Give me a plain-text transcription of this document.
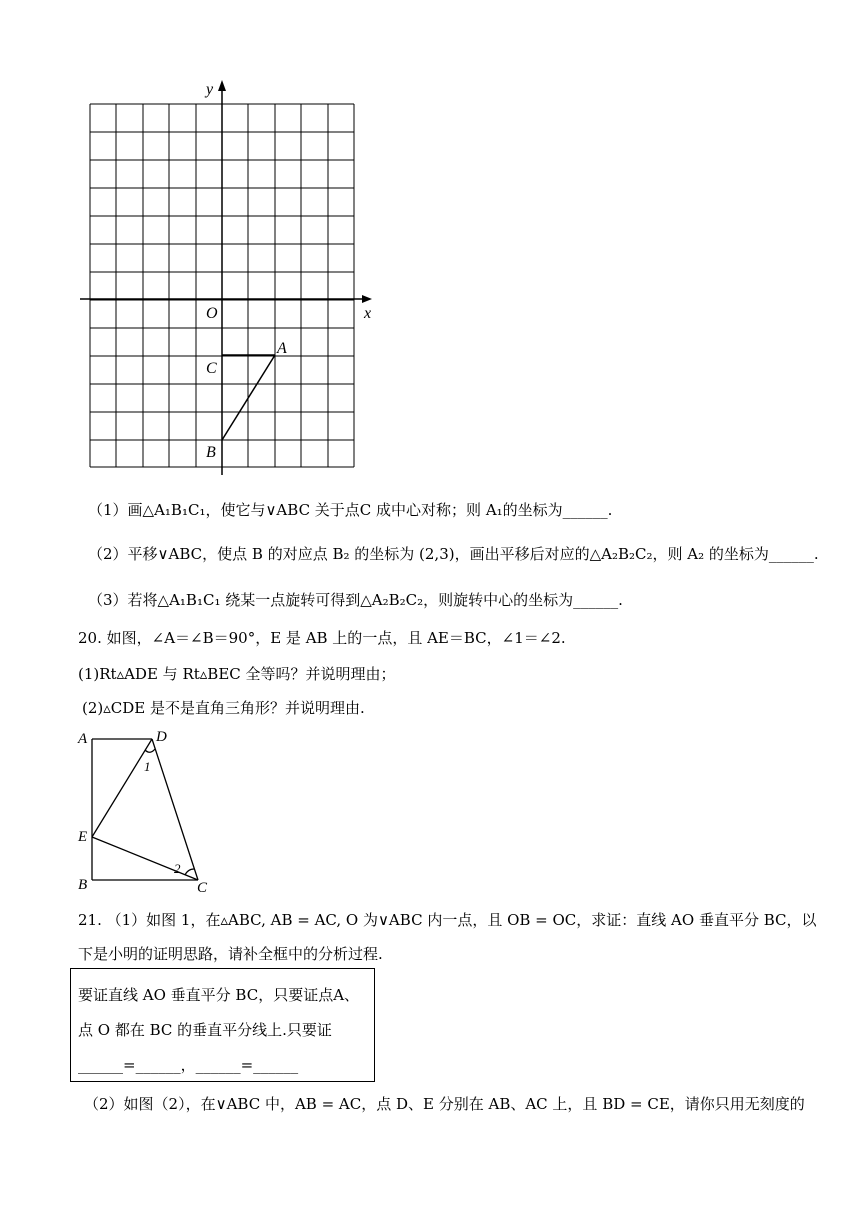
y
x
O
A
C
B
（1）画△A₁B₁C₁，使它与∨ABC 关于点C 成中心对称；则 A₁的坐标为______.
（2）平移∨ABC，使点 B 的对应点 B₂ 的坐标为 (2,3)，画出平移后对应的△A₂B₂C₂，则 A₂ 的坐标为______.
（3）若将△A₁B₁C₁ 绕某一点旋转可得到△A₂B₂C₂，则旋转中心的坐标为______.
20. 如图，∠A＝∠B＝90°，E 是 AB 上的一点，且 AE＝BC，∠1＝∠2.
(1)Rt▵ADE 与 Rt▵BEC 全等吗？并说明理由；
(2)▵CDE 是不是直角三角形？并说明理由.
A	D
1
E
2
B	C
21. （1）如图 1，在▵ABC, AB = AC, O 为∨ABC 内一点，且 OB = OC，求证：直线 AO 垂直平分 BC，以
下是小明的证明思路，请补全框中的分析过程.
要证直线 AO 垂直平分 BC，只要证点A、
点 O 都在 BC 的垂直平分线上.只要证
______=______，______=______
（2）如图（2），在∨ABC 中，AB = AC，点 D、E 分别在 AB、AC 上，且 BD = CE，请你只用无刻度的
